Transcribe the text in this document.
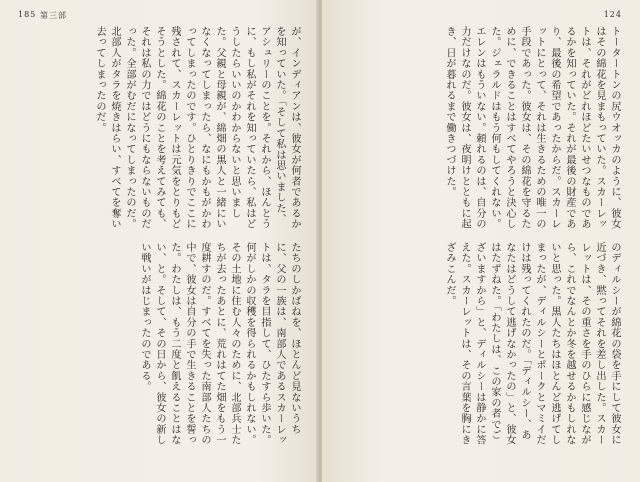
185 第三部

が、インディアンは、彼女が何者であるかを知っていた。「そして私は思いました、アシュリーのことを。それから、ほんとうに、もし私がそれを知っていたら、私はどうしたらいいのかわからないと思いました。父親と母親が、綿畑の黒人と一緒にいなくなってしまったら、なにもかもがかわってしまったのです。ひとりきりでここに残されて、スカーレットは元気をとりもどそうとした。綿花のことを考えてみても、それは私の力ではどうにもならないものだった。全部がむだになってしまったのだ。北部人がタラを焼きはらい、すべてを奪い去ってしまったのだ。

たちのしかばねを、ほとんど見ないうちに、父の一族は、南部人であるスカーレットは、タラを目指して、ひたすら歩いた。何がしかの収穫を得られるかもしれない。その土地に住む人々のために、北部兵士たちが去ったあとに、荒れはてた畑をもう一度耕すのだ。すべてを失った南部人たちの中で、彼女は自分の手で生きることを誓った。わたしは、もう二度と飢えることはない、と。そして、その日から、彼女の新しい戦いがはじまったのである。

124

トータートンの尻ウオッカのように、彼女はその綿花を見まもっていた。スカーレットは、それがどれほどたいせつなものであるかを知っていた。それが最後の財産であり、最後の希望であったからだ。スカーレットにとって、それは生きるための唯一の手段であった。彼女は、その綿花を守るために、できることはすべてやろうと決心した。ジェラルドはもう何もしてくれない。エレンはもういない。頼れるのは、自分の力だけなのだ。彼女は、夜明けとともに起き、日が暮れるまで働きつづけた。

のディルシーが綿花の袋を手にして彼女に近づき、黙ってそれを差し出した。スカーレットは、その重さを手のひらに感じながら、これでなんとか冬を越せるかもしれないと思った。黒人たちはほとんど逃げてしまったが、ディルシーとポークとマミイだけは残ってくれたのだ。「ディルシー、あなたはどうして逃げなかったの」と、彼女はたずねた。「わたしは、この家の者でございますから」と、ディルシーは静かに答えた。スカーレットは、その言葉を胸にきざみこんだ。
